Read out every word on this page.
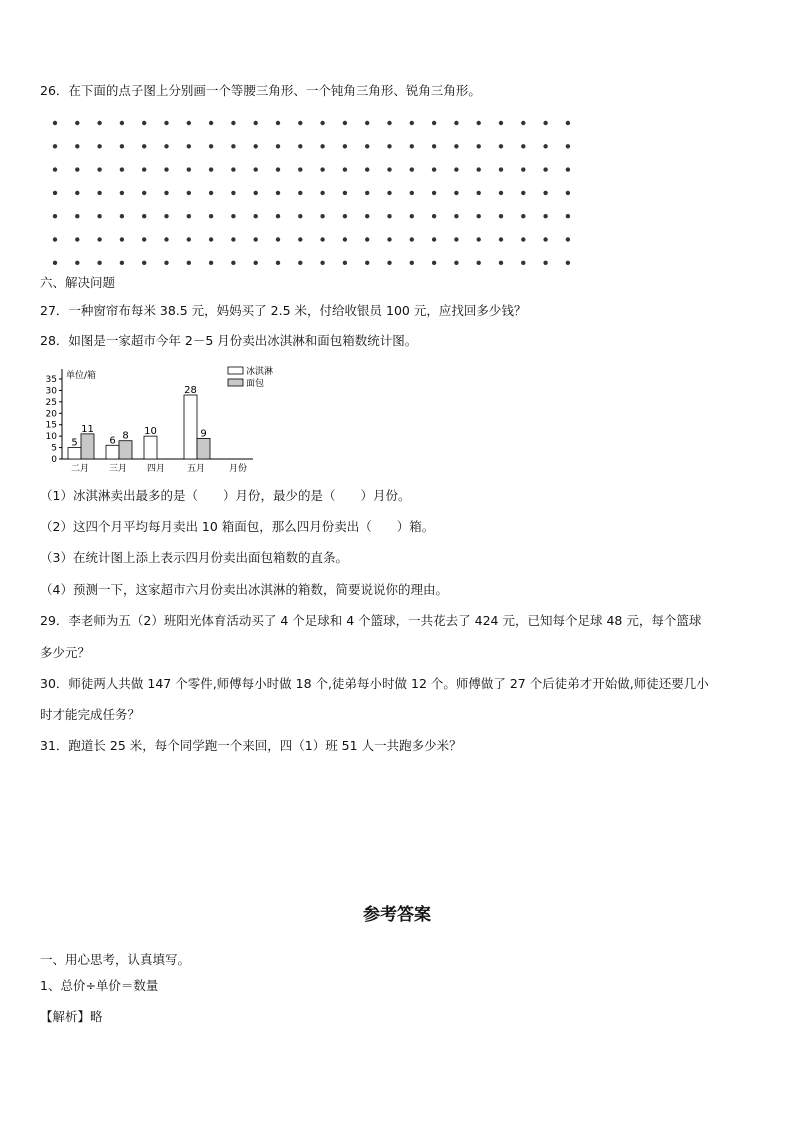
26．在下面的点子图上分别画一个等腰三角形、一个钝角三角形、锐角三角形。
六、解决问题
27．一种窗帘布每米 38.5 元，妈妈买了 2.5 米，付给收银员 100 元，应找回多少钱？
28．如图是一家超市今年 2－5 月份卖出冰淇淋和面包箱数统计图。
单位/箱
35
30
25
20
15
10
5
0
5
11
二月
6 8
三月
10
四月
28
9
五月	月份
冰淇淋
面包
（1）冰淇淋卖出最多的是（　　）月份，最少的是（　　）月份。
（2）这四个月平均每月卖出 10 箱面包，那么四月份卖出（　　）箱。
（3）在统计图上添上表示四月份卖出面包箱数的直条。
（4）预测一下，这家超市六月份卖出冰淇淋的箱数，简要说说你的理由。
29．李老师为五（2）班阳光体育活动买了 4 个足球和 4 个篮球，一共花去了 424 元，已知每个足球 48 元，每个篮球
多少元？
30．师徒两人共做 147 个零件,师傅每小时做 18 个,徒弟每小时做 12 个。师傅做了 27 个后徒弟才开始做,师徒还要几小
时才能完成任务？
31．跑道长 25 米，每个同学跑一个来回，四（1）班 51 人一共跑多少米？
参考答案
一、用心思考，认真填写。
1、总价÷单价＝数量
【解析】略
